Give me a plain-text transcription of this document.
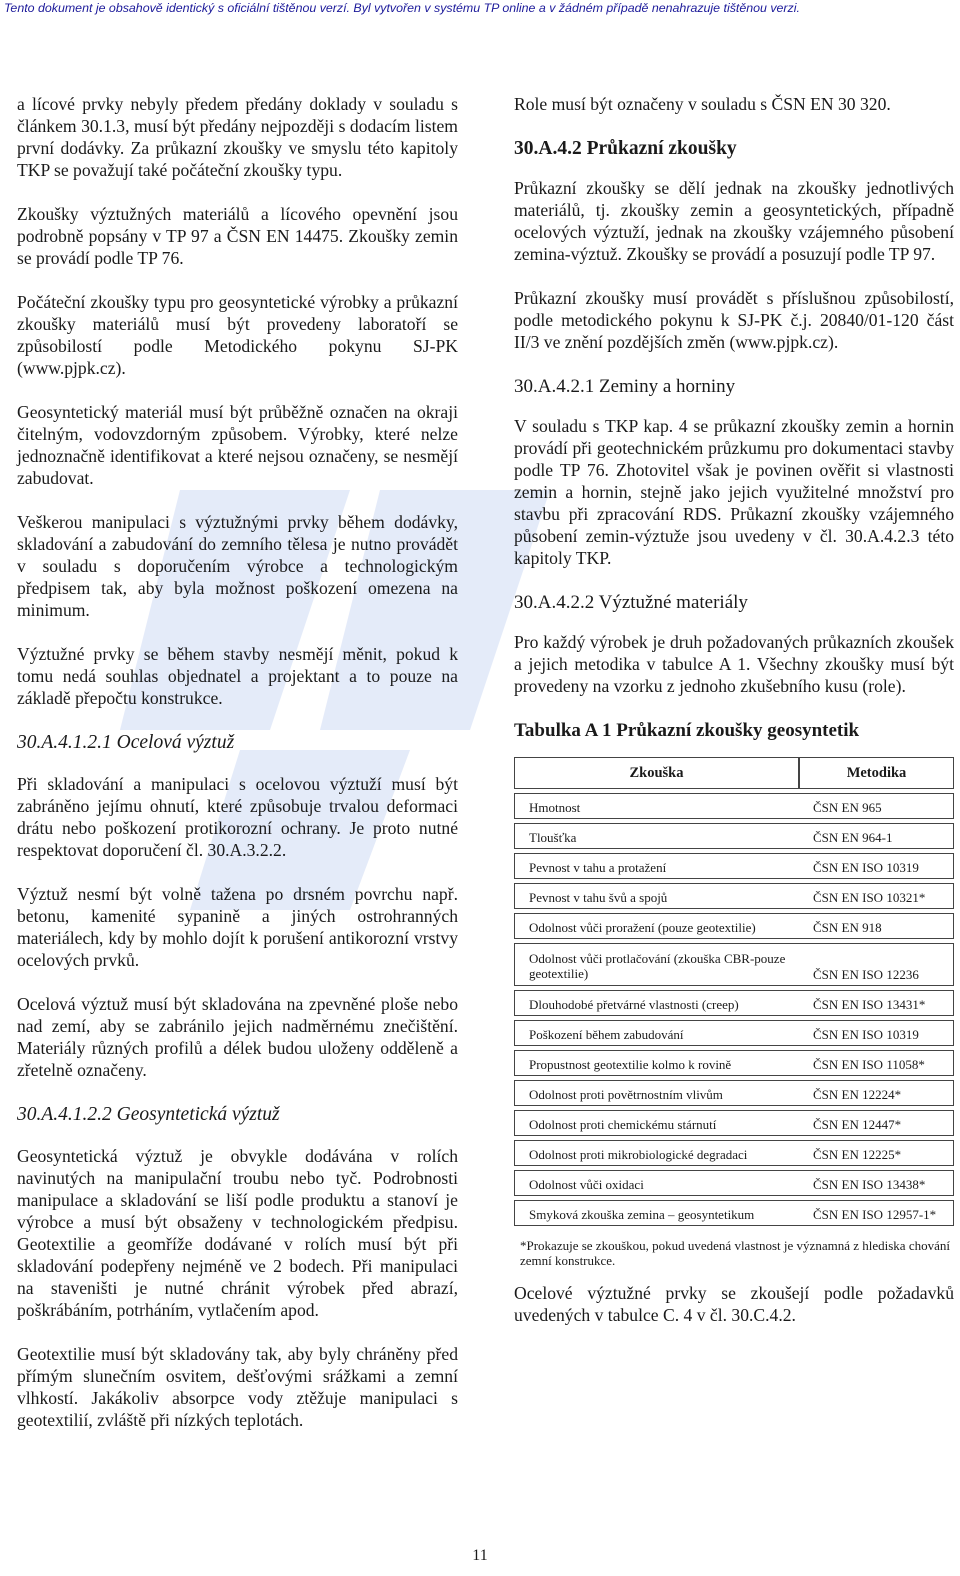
Tento dokument je obsahově identický s oficiální tištěnou verzí. Byl vytvořen v systému TP online a v žádném případě nenahrazuje tištěnou verzi.

a lícové prvky nebyly předem předány doklady v souladu s článkem 30.1.3, musí být předány nejpozději s dodacím listem první dodávky. Za průkazní zkoušky ve smyslu této kapitoly TKP se považují také počáteční zkoušky typu.

Zkoušky výztužných materiálů a lícového opevnění jsou podrobně popsány v TP 97 a ČSN EN 14475. Zkoušky zemin se provádí podle TP 76.

Počáteční zkoušky typu pro geosyntetické výrobky a průkazní zkoušky materiálů musí být provedeny laboratoří se způsobilostí podle Metodického pokynu SJ-PK (www.pjpk.cz).

Geosyntetický materiál musí být průběžně označen na okraji čitelným, vodovzdorným způsobem. Výrobky, které nelze jednoznačně identifikovat a které nejsou označeny, se nesmějí zabudovat.

Veškerou manipulaci s výztužnými prvky během dodávky, skladování a zabudování do zemního tělesa je nutno provádět v souladu s doporučením výrobce a technologickým předpisem tak, aby byla možnost poškození omezena na minimum.

Výztužné prvky se během stavby nesmějí měnit, pokud k tomu nedá souhlas objednatel a projektant a to pouze na základě přepočtu konstrukce.

30.A.4.1.2.1 Ocelová výztuž

Při skladování a manipulaci s ocelovou výztuží musí být zabráněno jejímu ohnutí, které způsobuje trvalou deformaci drátu nebo poškození protikorozní ochrany. Je proto nutné respektovat doporučení čl. 30.A.3.2.2.

Výztuž nesmí být volně tažena po drsném povrchu např. betonu, kamenité sypanině a jiných ostrohranných materiálech, kdy by mohlo dojít k porušení antikorozní vrstvy ocelových prvků.

Ocelová výztuž musí být skladována na zpevněné ploše nebo nad zemí, aby se zabránilo jejich nadměrnému znečištění. Materiály různých profilů a délek budou uloženy odděleně a zřetelně označeny.

30.A.4.1.2.2 Geosyntetická výztuž

Geosyntetická výztuž je obvykle dodávána v rolích navinutých na manipulační troubu nebo tyč. Podrobnosti manipulace a skladování se liší podle produktu a stanoví je výrobce a musí být obsaženy v technologickém předpisu. Geotextilie a geomříže dodávané v rolích musí být při skladování podepřeny nejméně ve 2 bodech. Při manipulaci na staveništi je nutné chránit výrobek před abrazí, poškrábáním, potrháním, vytlačením apod.

Geotextilie musí být skladovány tak, aby byly chráněny před přímým slunečním osvitem, dešťovými srážkami a zemní vlhkostí. Jakákoliv absorpce vody ztěžuje manipulaci s geotextilií, zvláště při nízkých teplotách.

Role musí být označeny v souladu s ČSN EN 30 320.

30.A.4.2 Průkazní zkoušky

Průkazní zkoušky se dělí jednak na zkoušky jednotlivých materiálů, tj. zkoušky zemin a geosyntetických, případně ocelových výztuží, jednak na zkoušky vzájemného působení zemina-výztuž. Zkoušky se provádí a posuzují podle TP 97.

Průkazní zkoušky musí provádět s příslušnou způsobilostí, podle metodického pokynu k SJ-PK č.j. 20840/01-120 část II/3 ve znění pozdějších změn (www.pjpk.cz).

30.A.4.2.1 Zeminy a horniny

V souladu s TKP kap. 4 se průkazní zkoušky zemin a hornin provádí při geotechnickém průzkumu pro dokumentaci stavby podle TP 76. Zhotovitel však je povinen ověřit si vlastnosti zemin a hornin, stejně jako jejich využitelné množství pro stavbu při zpracování RDS. Průkazní zkoušky vzájemného působení zemin-výztuže jsou uvedeny v čl. 30.A.4.2.3 této kapitoly TKP.

30.A.4.2.2 Výztužné materiály

Pro každý výrobek je druh požadovaných průkazních zkoušek a jejich metodika v tabulce A 1. Všechny zkoušky musí být provedeny na vzorku z jednoho zkušebního kusu (role).

Tabulka A 1 Průkazní zkoušky geosyntetik
Zkouška	Metodika
Hmotnost	ČSN EN 965
Tloušťka	ČSN EN 964-1
Pevnost v tahu a protažení	ČSN EN ISO 10319
Pevnost v tahu švů a spojů	ČSN EN ISO 10321*
Odolnost vůči proražení (pouze geotextilie)	ČSN EN 918
Odolnost vůči protlačování (zkouška CBR-pouze geotextilie)	ČSN EN ISO 12236
Dlouhodobé přetvárné vlastnosti (creep)	ČSN EN ISO 13431*
Poškození během zabudování	ČSN EN ISO 10319
Propustnost geotextilie kolmo k rovině	ČSN EN ISO 11058*
Odolnost proti povětrnostním vlivům	ČSN EN 12224*
Odolnost proti chemickému stárnutí	ČSN EN 12447*
Odolnost proti mikrobiologické degradaci	ČSN EN 12225*
Odolnost vůči oxidaci	ČSN EN ISO 13438*
Smyková zkouška zemina – geosyntetikum	ČSN EN ISO 12957-1*

*Prokazuje se zkouškou, pokud uvedená vlastnost je významná z hlediska chování zemní konstrukce.

Ocelové výztužné prvky se zkoušejí podle požadavků uvedených v tabulce C. 4 v čl. 30.C.4.2.

11
